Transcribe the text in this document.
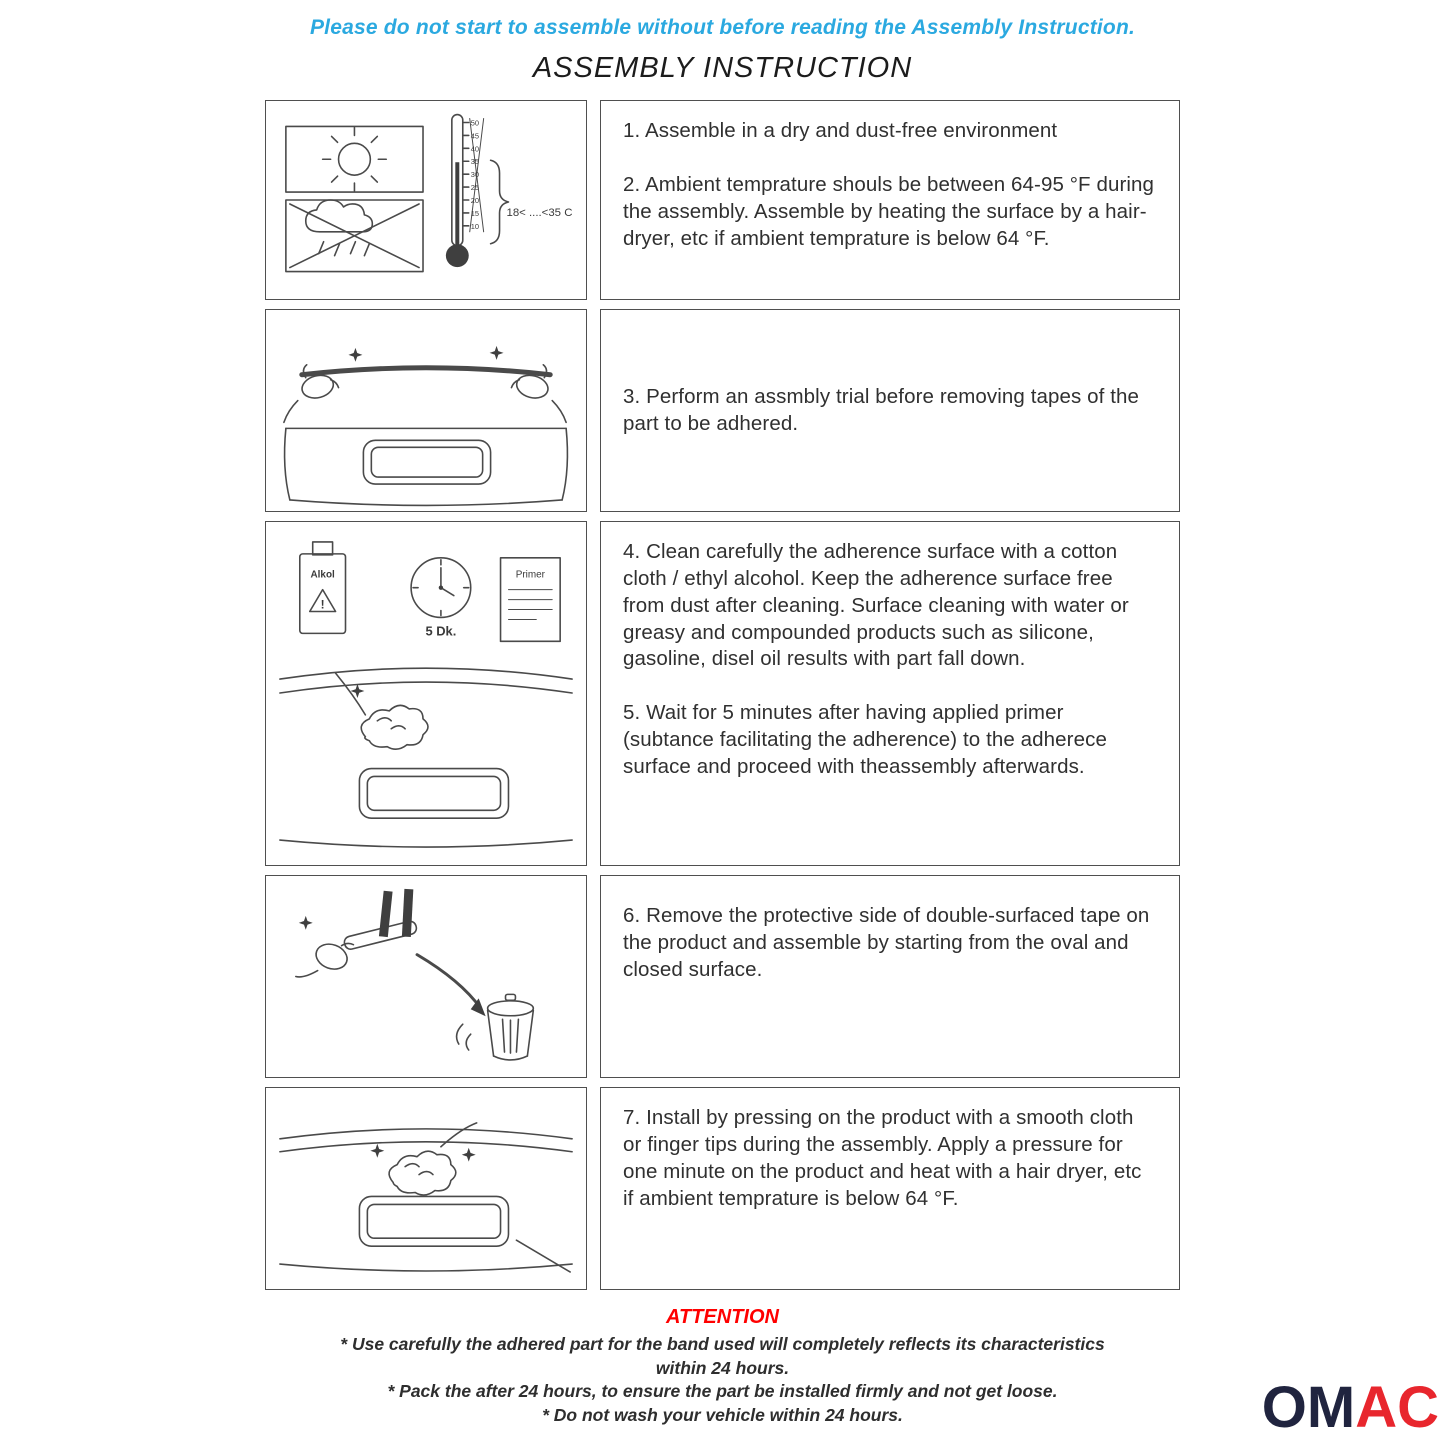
Please do not start to assemble without before reading the Assembly Instruction.
ASSEMBLY INSTRUCTION
50
45
40
35
30
25
20
15
10
18< ....<35 C

1. Assemble in a dry and dust-free environment

2. Ambient temprature shouls be between 64-95 °F during the assembly. Assemble by heating the surface by a hair-dryer, etc if ambient temprature is below 64 °F.

3. Perform an assmbly trial before removing tapes of the part to be adhered.

Alkol
!
5 Dk.
Primer

4. Clean carefully the adherence surface with a cotton cloth / ethyl alcohol. Keep the adherence surface free from dust after cleaning. Surface cleaning with water or greasy and compounded products such as silicone, gasoline, disel oil results with part fall down.

5. Wait for 5 minutes after having applied primer (subtance facilitating the adherence) to the adherece surface and proceed with theassembly afterwards.

6. Remove the protective side of double-surfaced tape on the product and assemble by starting from the oval and closed surface.

7. Install by pressing on the product with a smooth cloth or finger tips during the assembly. Apply a pressure for one minute on the product and heat with a hair dryer, etc if ambient temprature is below 64 °F.

ATTENTION
* Use carefully the adhered part for the band used will completely reflects its characteristics within 24 hours.
* Pack the after 24 hours, to ensure the part be installed firmly and not get loose.
* Do not wash your vehicle within 24 hours.	OMAC
